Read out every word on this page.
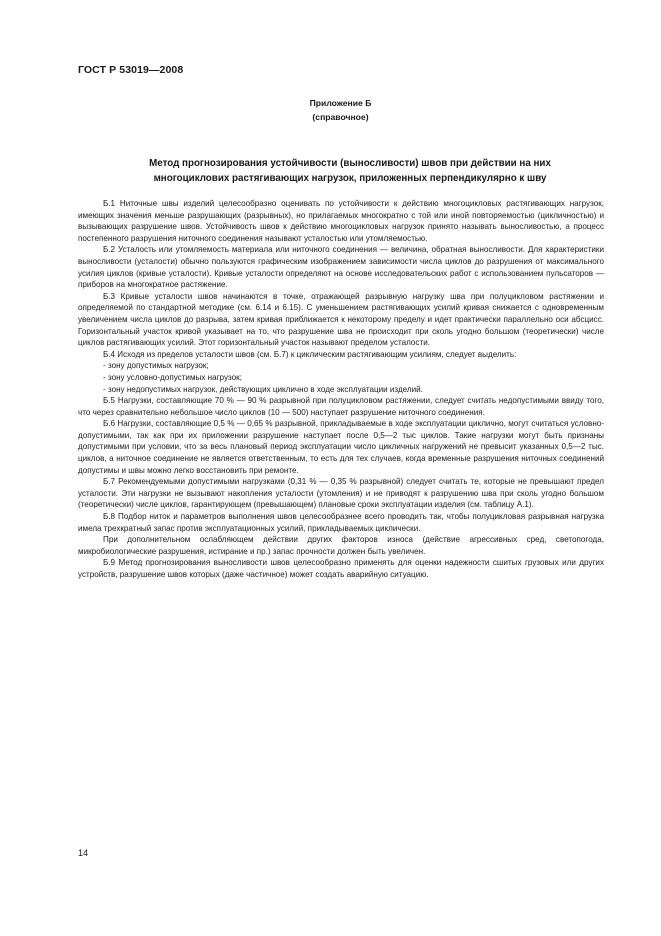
ГОСТ Р 53019—2008
Приложение Б
(справочное)
Метод прогнозирования устойчивости (выносливости) швов при действии на них
многоциклових растягивающих нагрузок, приложенных перпендикулярно к шву

Б.1 Ниточные швы изделий целесообразно оценивать по устойчивости к действию многоцикловых растягивающих нагрузок, имеющих значения меньше разрушающих (разрывных), но прилагаемых многократно с той или иной повторяемостью (цикличностью) и вызывающих разрушение швов. Устойчивость швов к действию многоцикловых нагрузок принято называть выносливостью, а процесс постепенного разрушения ниточного соединения называют усталостью или утомляемостью.

Б.2 Усталость или утомляемость материала или ниточного соединения — величина, обратная выносливости. Для характеристики выносливости (усталости) обычно пользуются графическим изображением зависимости числа циклов до разрушения от максимального усилия циклов (кривые усталости). Кривые усталости определяют на основе исследовательских работ с использованием пульсаторов — приборов на многократное растяжение.

Б.3 Кривые усталости швов начинаются в точке, отражающей разрывную нагрузку шва при полуцикловом растяжении и определяемой по стандартной методике (см. 6.14 и 6.15). С уменьшением растягивающих усилий кривая снижается с одновременным увеличением числа циклов до разрыва, затем кривая приближается к некоторому пределу и идет практически параллельно оси абсцисс. Горизонтальный участок кривой указывает на то, что разрушение шва не происходит при сколь угодно большом (теоретически) числе циклов растягивающих усилий. Этот горизонтальный участок называют пределом усталости.

Б.4 Исходя из пределов усталости швов (см. Б.7) к циклическим растягивающим усилиям, следует выделить:

- зону допустимых нагрузок;
- зону условно-допустимых нагрузок;
- зону недопустимых нагрузок, действующих циклично в ходе эксплуатации изделий.

Б.5 Нагрузки, составляющие 70 % — 90 % разрывной при полуцикловом растяжении, следует считать недопустимыми ввиду того, что через сравнительно небольшое число циклов (10 — 500) наступает разрушение ниточного соединения.

Б.6 Нагрузки, составляющие 0,5 % — 0,65 % разрывной, прикладываемые в ходе эксплуатации циклично, могут считаться условно-допустимыми, так как при их приложении разрушение наступает после 0,5—2 тыс циклов. Такие нагрузки могут быть признаны допустимыми при условии, что за весь плановый период эксплуатации число цикличных нагружений не превысит указанных 0,5—2 тыс. циклов, а ниточное соединение не является ответственным, то есть для тех случаев, когда временные разрушения ниточных соединений допустимы и швы можно легко восстановить при ремонте.

Б.7 Рекомендуемыми допустимыми нагрузками (0,31 % — 0,35 % разрывной) следует считать те, которые не превышают предел усталости. Эти нагрузки не вызывают накопления усталости (утомления) и не приводят к разрушению шва при сколь угодно большом (теоретически) числе циклов, гарантирующем (превышающем) плановые сроки эксплуатации изделия (см. таблицу А.1).

Б.8 Подбор ниток и параметров выполнения швов целесообразнее всего проводить так, чтобы полуцикловая разрывная нагрузка имела трехкратный запас против эксплуатационных усилий, прикладываемых циклически.

При дополнительном ослабляющем действии других факторов износа (действие агрессивных сред, светопогода, микробиологические разрушения, истирание и пр.) запас прочности должен быть увеличен.

Б.9 Метод прогнозирования выносливости швов целесообразно применять для оценки надежности сшитых грузовых или других устройств, разрушение швов которых (даже частичное) может создать аварийную ситуацию.

14
